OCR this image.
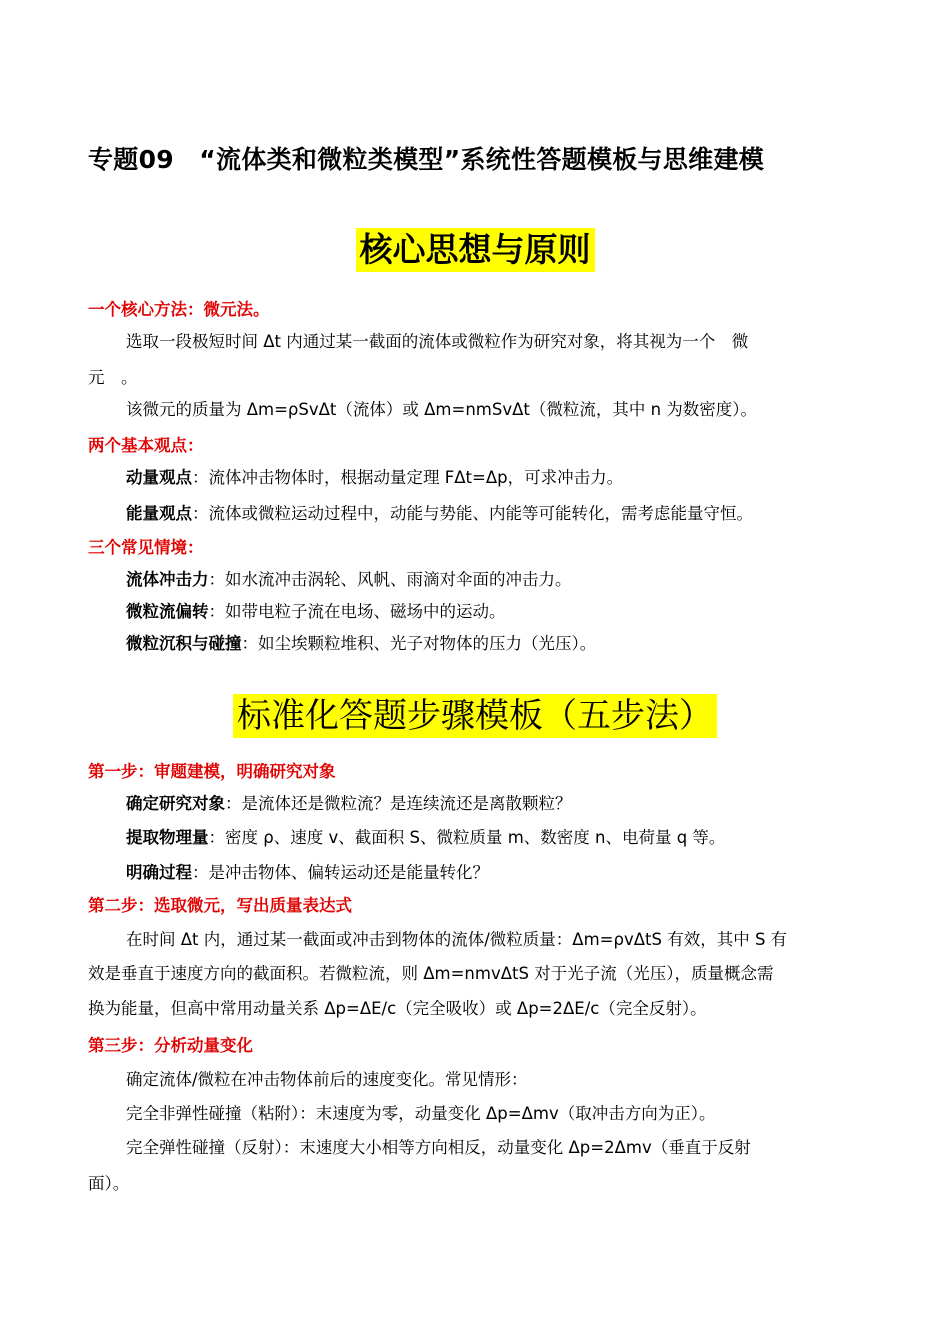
专题09　“流体类和微粒类模型”系统性答题模板与思维建模
核心思想与原则
一个核心方法：微元法。
选取一段极短时间 Δt 内通过某一截面的流体或微粒作为研究对象，将其视为一个　微
元　。
该微元的质量为 Δm=ρSvΔt（流体）或 Δm=nmSvΔt（微粒流，其中 n 为数密度）。
两个基本观点：
动量观点：流体冲击物体时，根据动量定理 FΔt=Δp，可求冲击力。
能量观点：流体或微粒运动过程中，动能与势能、内能等可能转化，需考虑能量守恒。
三个常见情境：
流体冲击力：如水流冲击涡轮、风帆、雨滴对伞面的冲击力。
微粒流偏转：如带电粒子流在电场、磁场中的运动。
微粒沉积与碰撞：如尘埃颗粒堆积、光子对物体的压力（光压）。
标准化答题步骤模板（五步法）
第一步：审题建模，明确研究对象
确定研究对象：是流体还是微粒流？是连续流还是离散颗粒？
提取物理量：密度 ρ、速度 v、截面积 S、微粒质量 m、数密度 n、电荷量 q 等。
明确过程：是冲击物体、偏转运动还是能量转化？
第二步：选取微元，写出质量表达式
在时间 Δt 内，通过某一截面或冲击到物体的流体/微粒质量：Δm=ρvΔtS 有效，其中 S 有
效是垂直于速度方向的截面积。若微粒流，则 Δm=nmvΔtS 对于光子流（光压），质量概念需
换为能量，但高中常用动量关系 Δp=ΔE/c（完全吸收）或 Δp=2ΔE/c（完全反射）。
第三步：分析动量变化
确定流体/微粒在冲击物体前后的速度变化。常见情形：
完全非弹性碰撞（粘附）：末速度为零，动量变化 Δp=Δmv（取冲击方向为正）。
完全弹性碰撞（反射）：末速度大小相等方向相反，动量变化 Δp=2Δmv（垂直于反射
面）。
